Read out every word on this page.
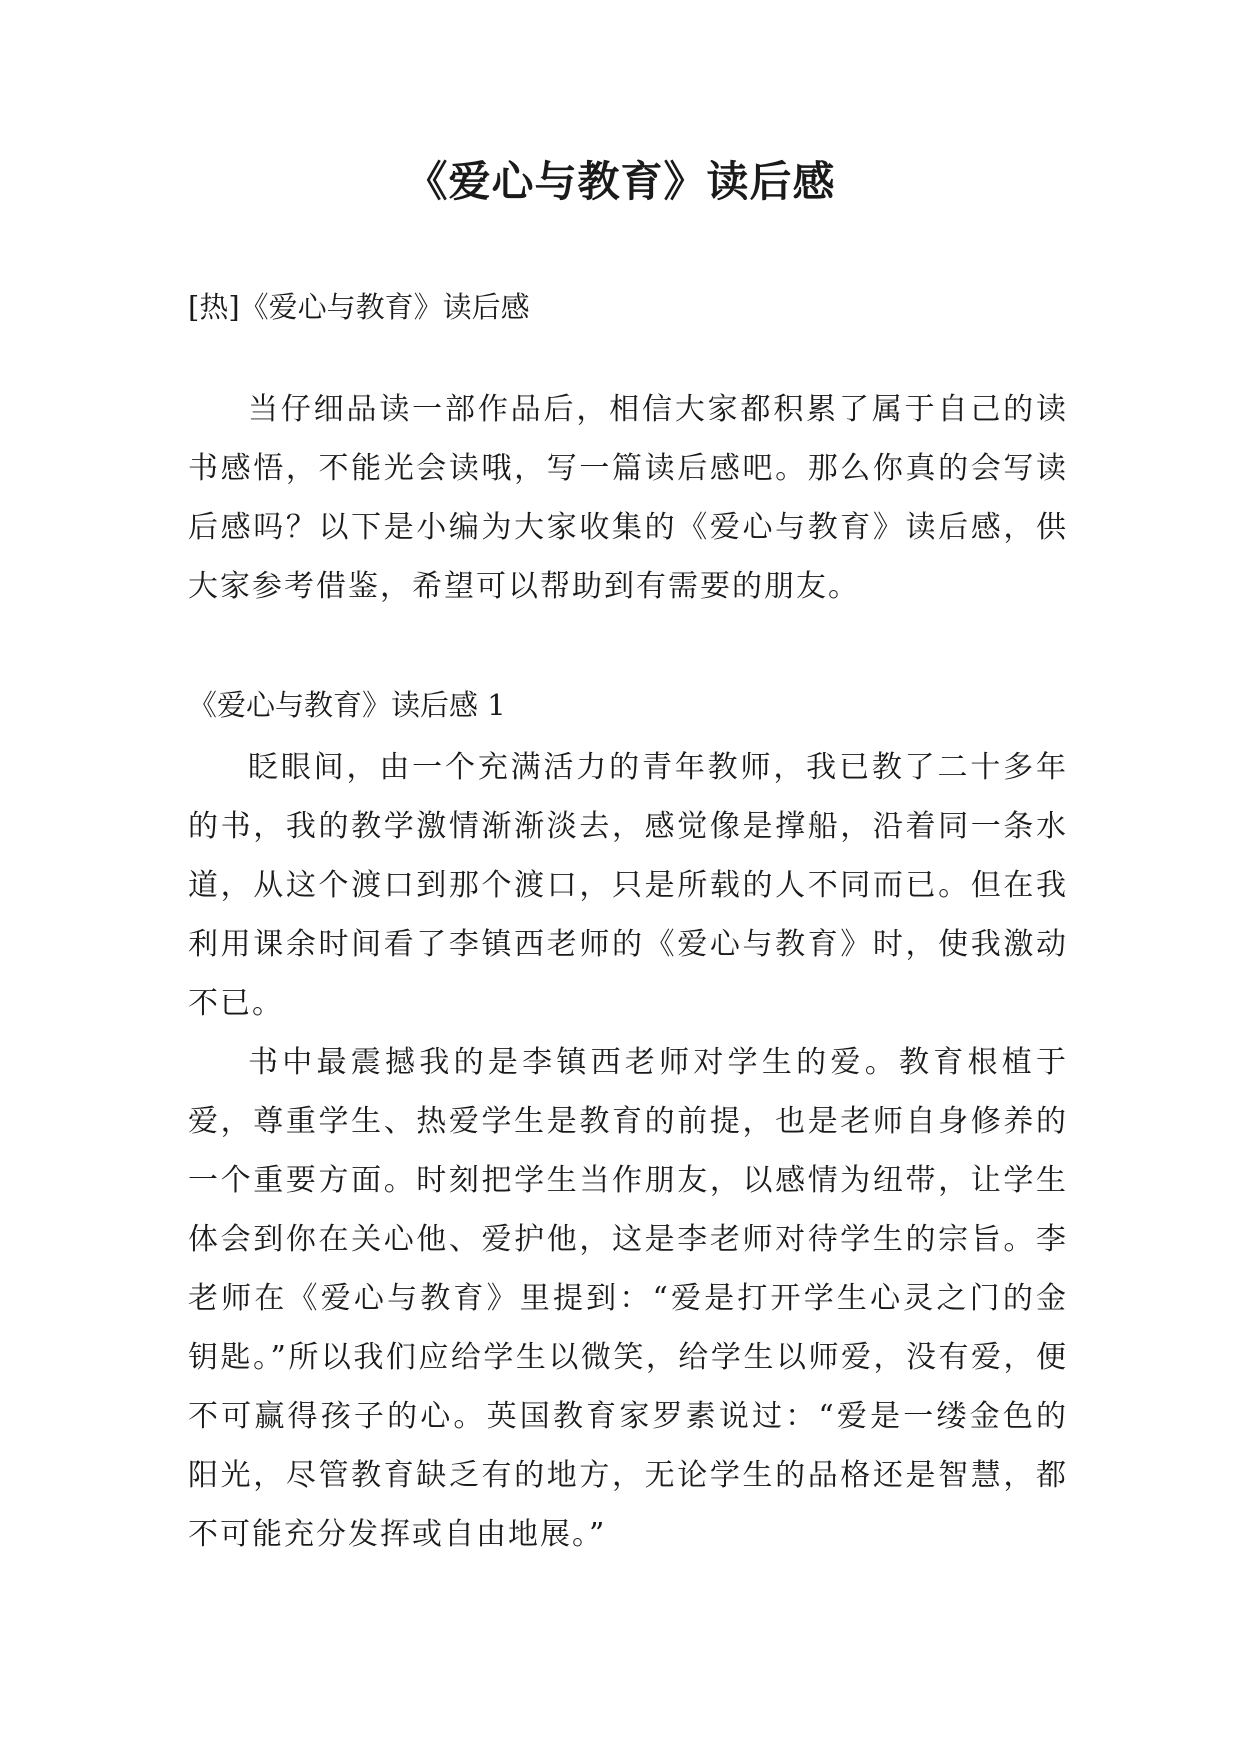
《爱心与教育》读后感

[热]《爱心与教育》读后感

当仔细品读一部作品后，相信大家都积累了属于自己的读书感悟，不能光会读哦，写一篇读后感吧。那么你真的会写读后感吗？以下是小编为大家收集的《爱心与教育》读后感，供大家参考借鉴，希望可以帮助到有需要的朋友。

《爱心与教育》读后感 1

眨眼间，由一个充满活力的青年教师，我已教了二十多年的书，我的教学激情渐渐淡去，感觉像是撑船，沿着同一条水道，从这个渡口到那个渡口，只是所载的人不同而已。但在我利用课余时间看了李镇西老师的《爱心与教育》时，使我激动不已。

书中最震撼我的是李镇西老师对学生的爱。教育根植于爱，尊重学生、热爱学生是教育的前提，也是老师自身修养的一个重要方面。时刻把学生当作朋友，以感情为纽带，让学生体会到你在关心他、爱护他，这是李老师对待学生的宗旨。李老师在《爱心与教育》里提到：“爱是打开学生心灵之门的金钥匙。”所以我们应给学生以微笑，给学生以师爱，没有爱，便不可赢得孩子的心。英国教育家罗素说过：“爱是一缕金色的阳光，尽管教育缺乏有的地方，无论学生的品格还是智慧，都不可能充分发挥或自由地展。”
